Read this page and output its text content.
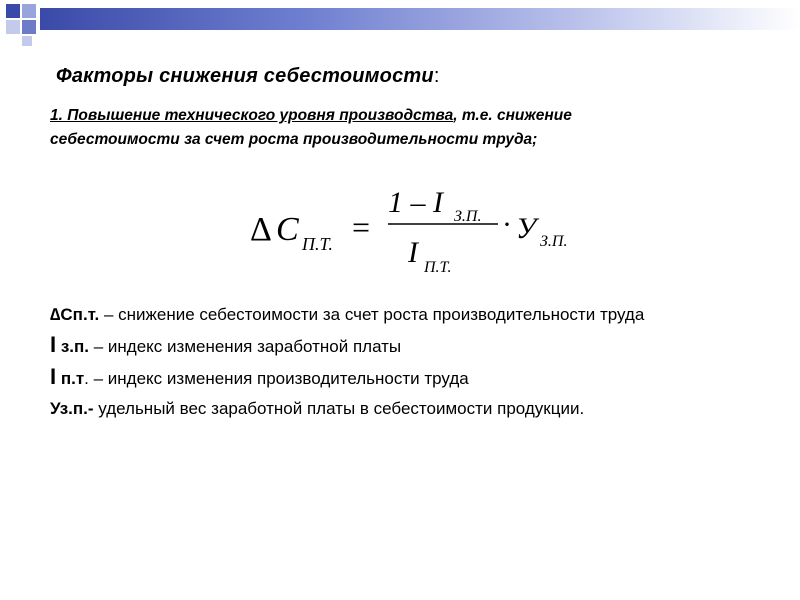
Факторы снижения себестоимости:
1. Повышение технического уровня производства, т.е. снижение
себестоимости за счет роста производительности труда;
Δ C П.Т. =
1 – I З.П.
I П.Т.
· У З.П.
∆Сп.т. – снижение себестоимости за счет роста производительности труда
I з.п. – индекс изменения заработной платы
I п.т. – индекс изменения производительности труда
Уз.п.- удельный вес заработной платы в себестоимости продукции.
